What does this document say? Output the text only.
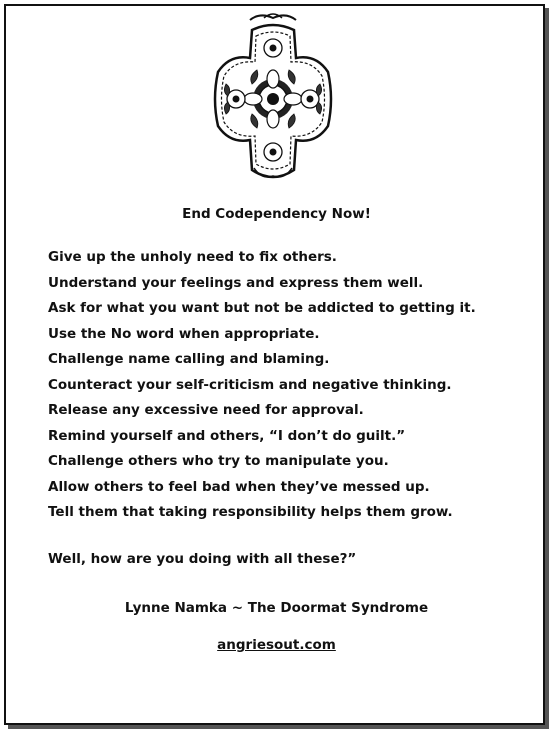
End Codependency Now!
Give up the unholy need to fix others.
Understand your feelings and express them well.
Ask for what you want but not be addicted to getting it.
Use the No word when appropriate.
Challenge name calling and blaming.
Counteract your self-criticism and negative thinking.
Release any excessive need for approval.
Remind yourself and others, “I don’t do guilt.”
Challenge others who try to manipulate you.
Allow others to feel bad when they’ve messed up.
Tell them that taking responsibility helps them grow.
Well, how are you doing with all these?”
Lynne Namka ~ The Doormat Syndrome
angriesout.com
